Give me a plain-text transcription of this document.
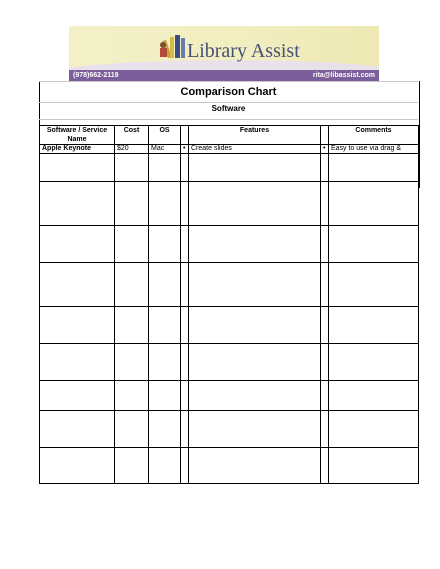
Library Assist
(978)662-2119	rita@libassist.com
Comparison Chart
Software
Software / Service
Name	Cost	OS		Features		Comments
Apple Keynote	$20	Mac	•	Create slides	•	Easy to use via drag &
